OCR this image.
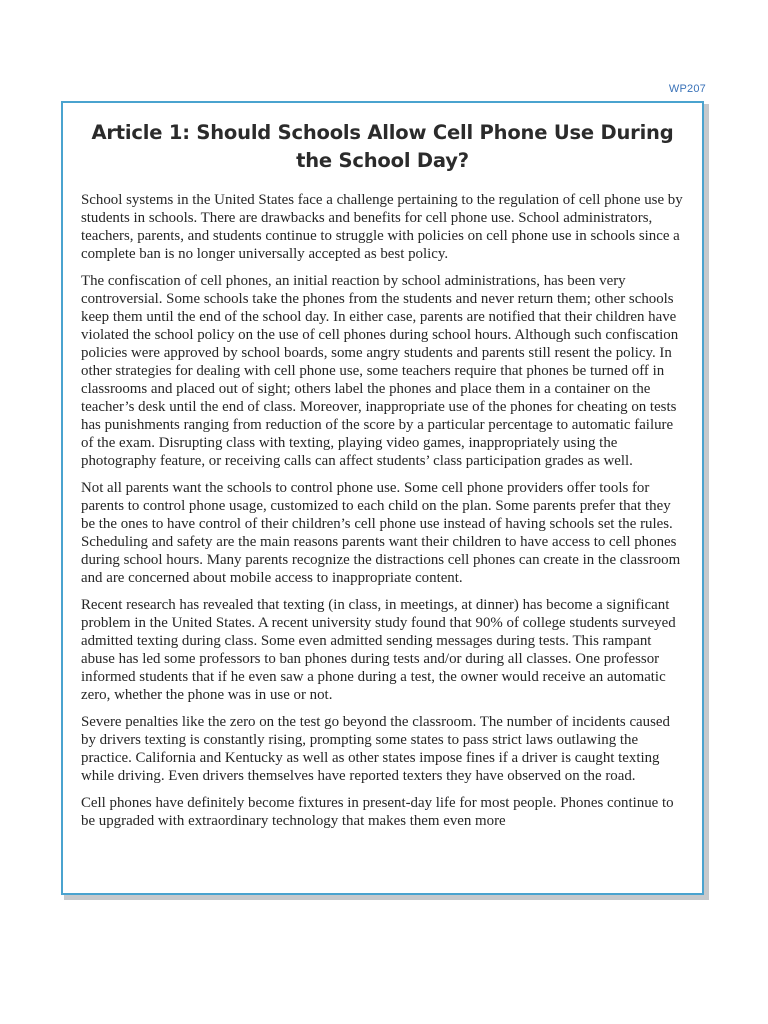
WP207
Article 1: Should Schools Allow Cell Phone Use During the School Day?

School systems in the United States face a challenge pertaining to the regulation of cell phone use by students in schools. There are drawbacks and benefits for cell phone use. School administrators, teachers, parents, and students continue to struggle with policies on cell phone use in schools since a complete ban is no longer universally accepted as best policy.

The confiscation of cell phones, an initial reaction by school administrations, has been very controversial. Some schools take the phones from the students and never return them; other schools keep them until the end of the school day. In either case, parents are notified that their children have violated the school policy on the use of cell phones during school hours. Although such confiscation policies were approved by school boards, some angry students and parents still resent the policy. In other strategies for dealing with cell phone use, some teachers require that phones be turned off in classrooms and placed out of sight; others label the phones and place them in a container on the teacher’s desk until the end of class. Moreover, inappropriate use of the phones for cheating on tests has punishments ranging from reduction of the score by a particular percentage to automatic failure of the exam. Disrupting class with texting, playing video games, inappropriately using the photography feature, or receiving calls can affect students’ class participation grades as well.

Not all parents want the schools to control phone use. Some cell phone providers offer tools for parents to control phone usage, customized to each child on the plan. Some parents prefer that they be the ones to have control of their children’s cell phone use instead of having schools set the rules. Scheduling and safety are the main reasons parents want their children to have access to cell phones during school hours. Many parents recognize the distractions cell phones can create in the classroom and are concerned about mobile access to inappropriate content.

Recent research has revealed that texting (in class, in meetings, at dinner) has become a significant problem in the United States. A recent university study found that 90% of college students surveyed admitted texting during class. Some even admitted sending messages during tests. This rampant abuse has led some professors to ban phones during tests and/or during all classes. One professor informed students that if he even saw a phone during a test, the owner would receive an automatic zero, whether the phone was in use or not.

Severe penalties like the zero on the test go beyond the classroom. The number of incidents caused by drivers texting is constantly rising, prompting some states to pass strict laws outlawing the practice. California and Kentucky as well as other states impose fines if a driver is caught texting while driving. Even drivers themselves have reported texters they have observed on the road.

Cell phones have definitely become fixtures in present-day life for most people. Phones continue to be upgraded with extraordinary technology that makes them even more
